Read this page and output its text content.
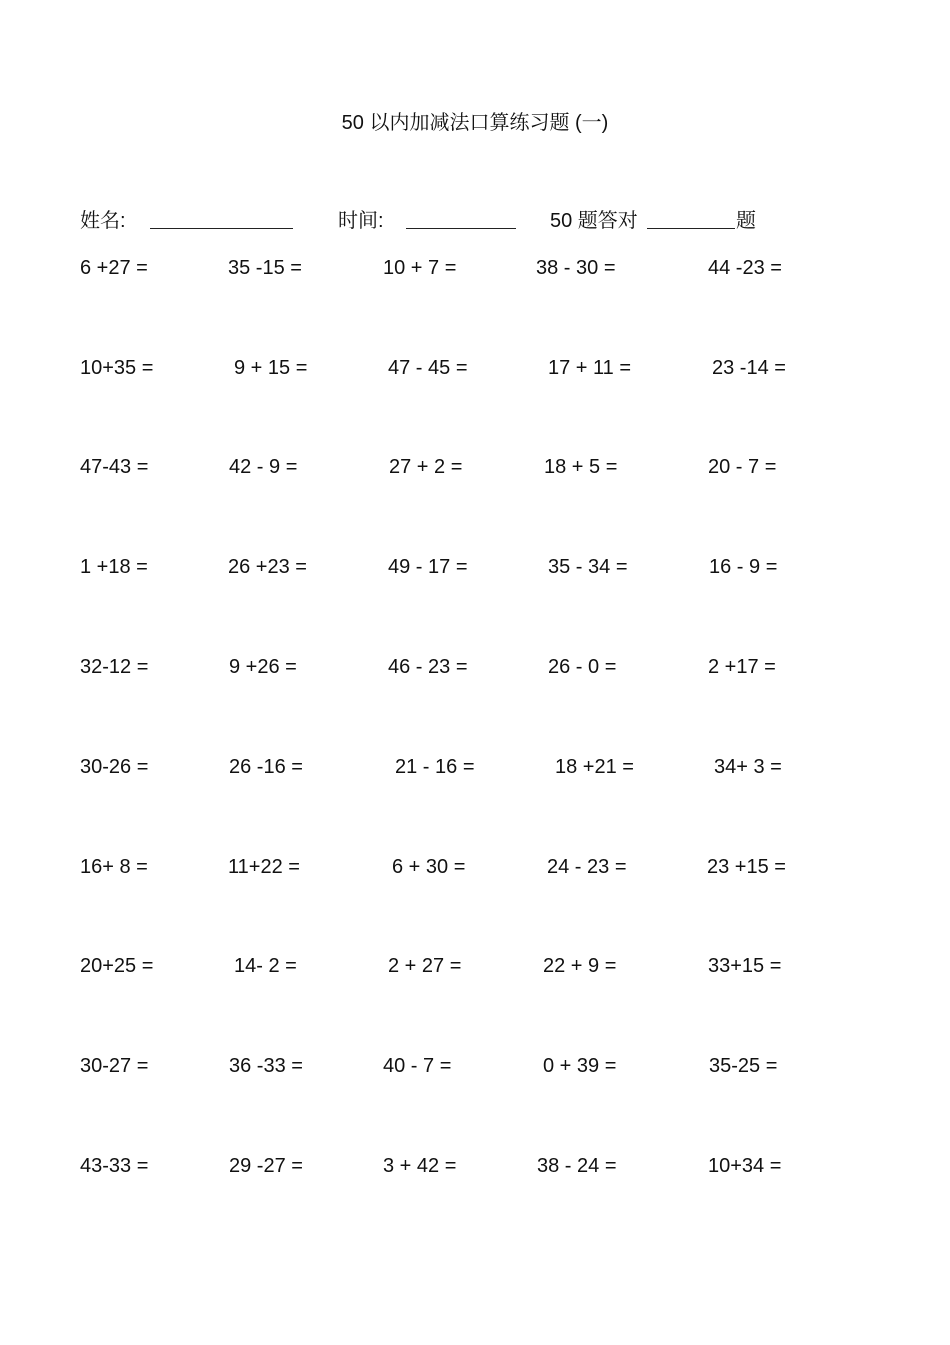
50 以内加减法口算练习题 (一)
姓名:	时间:	50 题答对	题
6 +27 =	35 -15 =	10 + 7 =	38 - 30 =	44 -23 =
10+35 =	9 + 15 =	47 - 45 =	17 + 11 =	23 -14 =
47-43 =	42 - 9 =	27 + 2 =	18 + 5 =	20 - 7 =
1 +18 =	26 +23 =	49 - 17 =	35 - 34 =	16 - 9 =
32-12 =	9 +26 =	46 - 23 =	26 - 0 =	2 +17 =
30-26 =	26 -16 =	21 - 16 =	18 +21 =	34+ 3 =
16+ 8 =	11+22 =	6 + 30 =	24 - 23 =	23 +15 =
20+25 =	14- 2 =	2 + 27 =	22 + 9 =	33+15 =
30-27 =	36 -33 =	40 - 7 =	0 + 39 =	35-25 =
43-33 =	29 -27 =	3 + 42 =	38 - 24 =	10+34 =
